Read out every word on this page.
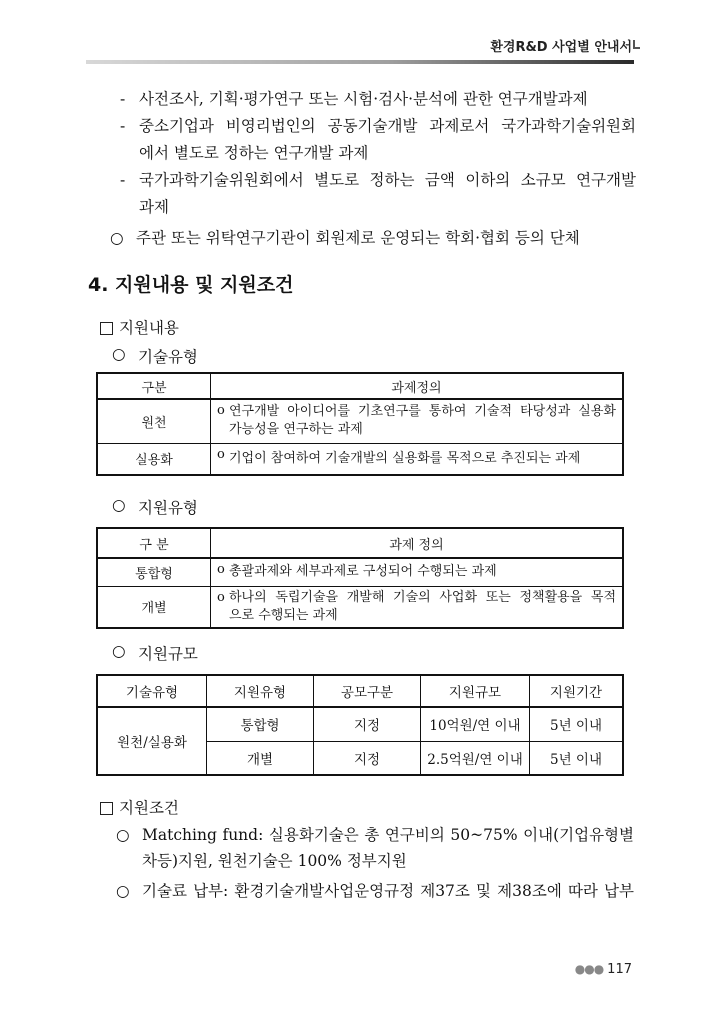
환경R&D 사업별 안내서
- 사전조사, 기획·평가연구 또는 시험·검사·분석에 관한 연구개발과제
- 중소기업과 비영리법인의 공동기술개발 과제로서 국가과학기술위원회
에서 별도로 정하는 연구개발 과제
- 국가과학기술위원회에서 별도로 정하는 금액 이하의 소규모 연구개발
과제
○ 주관 또는 위탁연구기관이 회원제로 운영되는 학회·협회 등의 단체
4. 지원내용 및 지원조건
지원내용
○ 기술유형
구분	과제정의
원천	o 연구개발 아이디어를 기초연구를 통하여 기술적 타당성과 실용화
가능성을 연구하는 과제

실용화	o 기업이 참여하여 기술개발의 실용화를 목적으로 추진되는 과제
○ 지원유형
구 분	과제 정의
통합형	o 총괄과제와 세부과제로 구성되어 수행되는 과제

개별	o 하나의 독립기술을 개발해 기술의 사업화 또는 정책활용을 목적
으로 수행되는 과제
○ 지원규모
기술유형	지원유형	공모구분	지원규모	지원기간
원천/실용화	통합형	지정	10억원/연 이내	5년 이내
	개별	지정	2.5억원/연 이내	5년 이내
지원조건
○ Matching fund: 실용화기술은 총 연구비의 50~75% 이내(기업유형별
차등)지원, 원천기술은 100% 정부지원
○ 기술료 납부: 환경기술개발사업운영규정 제37조 및 제38조에 따라 납부
●●● 117
